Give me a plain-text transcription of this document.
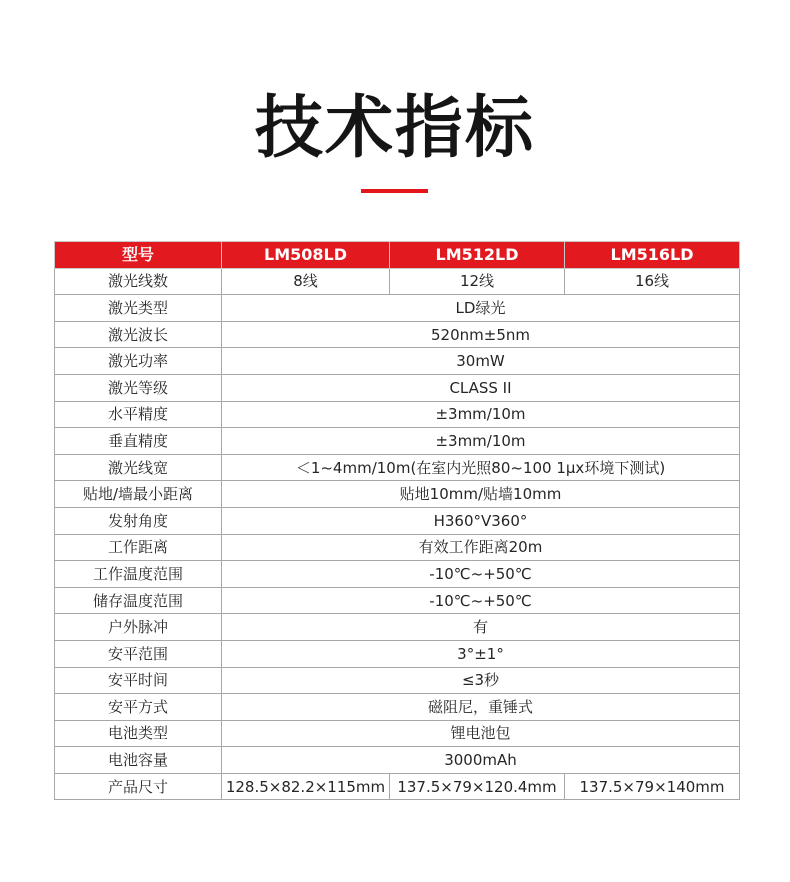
技术指标
型号	LM508LD	LM512LD	LM516LD
激光线数	8线	12线	16线
激光类型	LD绿光		
激光波长	520nm±5nm		
激光功率	30mW		
激光等级	CLASS II		
水平精度	±3mm/10m		
垂直精度	±3mm/10m		
激光线宽	＜1~4mm/10m(在室内光照80~100 1μx环境下测试)		
贴地/墙最小距离	贴地10mm/贴墙10mm		
发射角度	H360°V360°		
工作距离	有效工作距离20m		
工作温度范围	-10℃~+50℃		
储存温度范围	-10℃~+50℃		
户外脉冲	有		
安平范围	3°±1°		
安平时间	≤3秒		
安平方式	磁阻尼，重锤式		
电池类型	锂电池包		
电池容量	3000mAh		
产品尺寸	128.5×82.2×115mm	137.5×79×120.4mm	137.5×79×140mm
